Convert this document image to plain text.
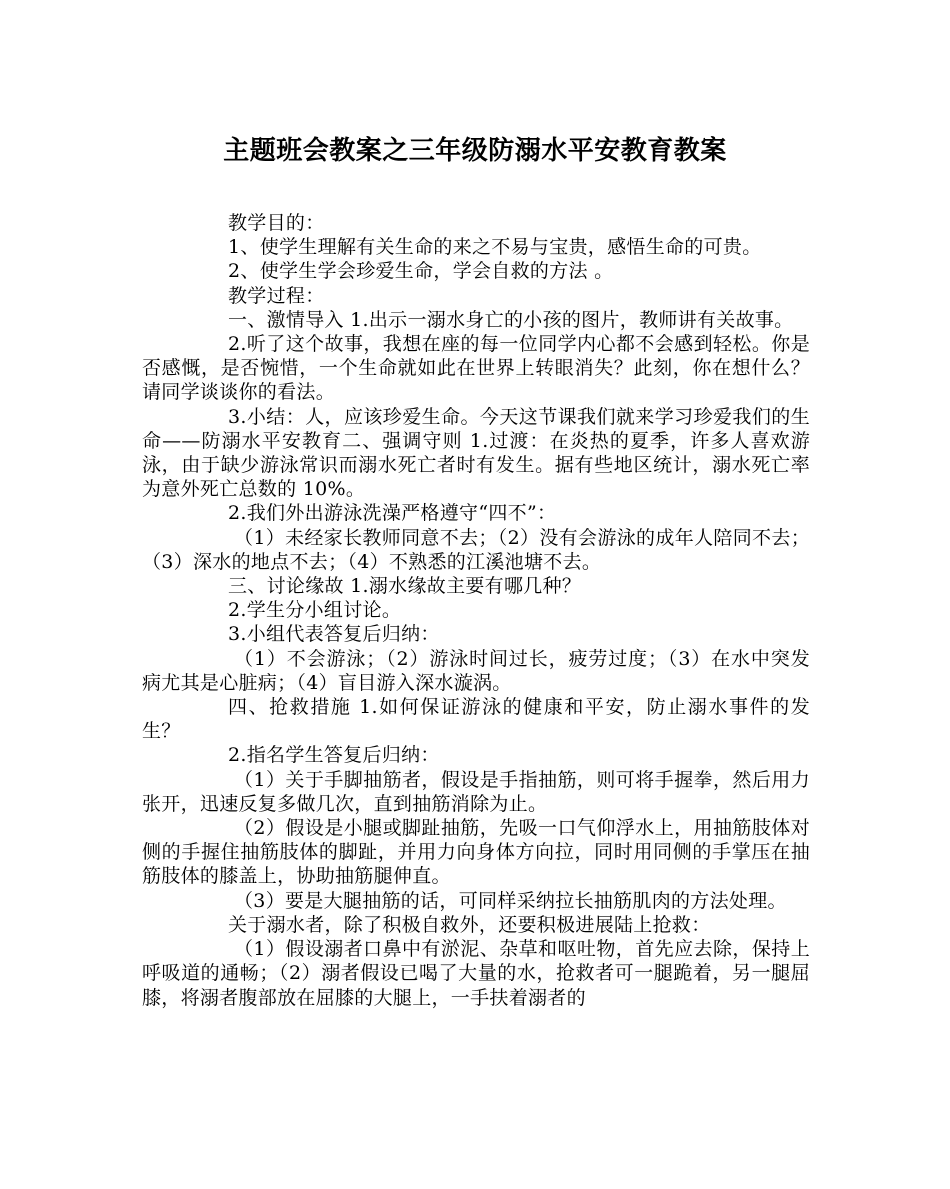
主题班会教案之三年级防溺水平安教育教案

教学目的：

1、使学生理解有关生命的来之不易与宝贵，感悟生命的可贵。

2、使学生学会珍爱生命，学会自救的方法 。

教学过程：

一、激情导入 1.出示一溺水身亡的小孩的图片，教师讲有关故事。

2.听了这个故事，我想在座的每一位同学内心都不会感到轻松。你是否感慨，是否惋惜，一个生命就如此在世界上转眼消失？此刻，你在想什么？请同学谈谈你的看法。

3.小结：人，应该珍爱生命。今天这节课我们就来学习珍爱我们的生命——防溺水平安教育二、强调守则 1.过渡：在炎热的夏季，许多人喜欢游泳，由于缺少游泳常识而溺水死亡者时有发生。据有些地区统计，溺水死亡率为意外死亡总数的 10%。

2.我们外出游泳洗澡严格遵守“四不”：

（1）未经家长教师同意不去；（2）没有会游泳的成年人陪同不去；（3）深水的地点不去；（4）不熟悉的江溪池塘不去。

三、讨论缘故 1.溺水缘故主要有哪几种？

2.学生分小组讨论。

3.小组代表答复后归纳：

（1）不会游泳；（2）游泳时间过长，疲劳过度；（3）在水中突发病尤其是心脏病；（4）盲目游入深水漩涡。

四、抢救措施 1.如何保证游泳的健康和平安，防止溺水事件的发生？

2.指名学生答复后归纳：

（1）关于手脚抽筋者，假设是手指抽筋，则可将手握拳，然后用力张开，迅速反复多做几次，直到抽筋消除为止。

（2）假设是小腿或脚趾抽筋，先吸一口气仰浮水上，用抽筋肢体对侧的手握住抽筋肢体的脚趾，并用力向身体方向拉，同时用同侧的手掌压在抽筋肢体的膝盖上，协助抽筋腿伸直。

（3）要是大腿抽筋的话，可同样采纳拉长抽筋肌肉的方法处理。

关于溺水者，除了积极自救外，还要积极进展陆上抢救：

（1）假设溺者口鼻中有淤泥、杂草和呕吐物，首先应去除，保持上呼吸道的通畅；（2）溺者假设已喝了大量的水，抢救者可一腿跪着，另一腿屈膝，将溺者腹部放在屈膝的大腿上，一手扶着溺者的
